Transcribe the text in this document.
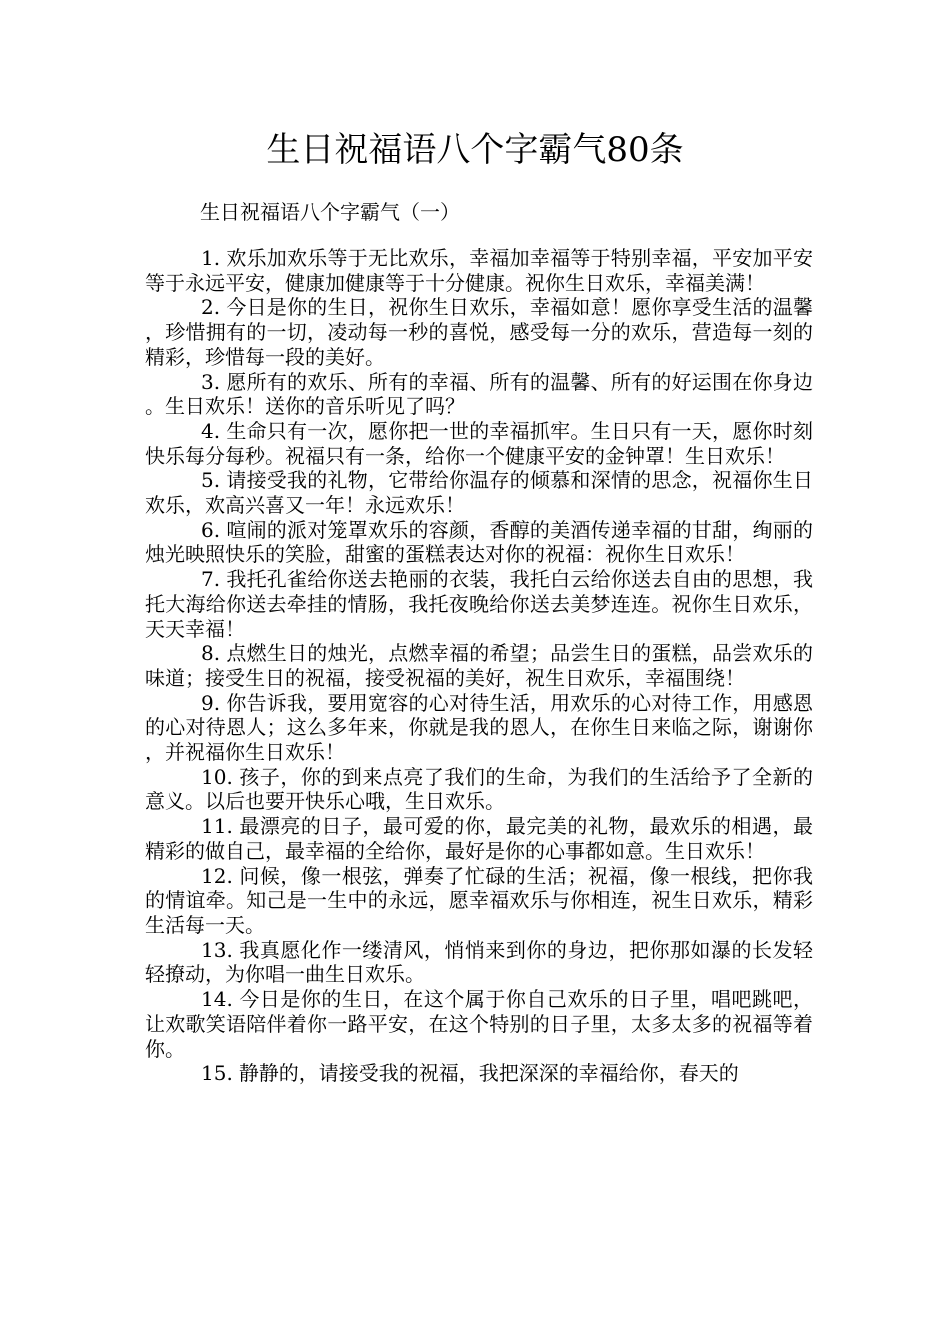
生日祝福语八个字霸气80条
生日祝福语八个字霸气（一）

1. 欢乐加欢乐等于无比欢乐，幸福加幸福等于特别幸福，平安加平安等于永远平安，健康加健康等于十分健康。祝你生日欢乐，幸福美满！

2. 今日是你的生日，祝你生日欢乐，幸福如意！愿你享受生活的温馨，珍惜拥有的一切，凌动每一秒的喜悦，感受每一分的欢乐，营造每一刻的精彩，珍惜每一段的美好。

3. 愿所有的欢乐、所有的幸福、所有的温馨、所有的好运围在你身边。生日欢乐！送你的音乐听见了吗？

4. 生命只有一次，愿你把一世的幸福抓牢。生日只有一天，愿你时刻快乐每分每秒。祝福只有一条，给你一个健康平安的金钟罩！生日欢乐！

5. 请接受我的礼物，它带给你温存的倾慕和深情的思念，祝福你生日欢乐，欢高兴喜又一年！永远欢乐！

6. 喧闹的派对笼罩欢乐的容颜，香醇的美酒传递幸福的甘甜，绚丽的烛光映照快乐的笑脸，甜蜜的蛋糕表达对你的祝福：祝你生日欢乐！

7. 我托孔雀给你送去艳丽的衣装，我托白云给你送去自由的思想，我托大海给你送去牵挂的情肠，我托夜晚给你送去美梦连连。祝你生日欢乐，天天幸福！

8. 点燃生日的烛光，点燃幸福的希望；品尝生日的蛋糕，品尝欢乐的味道；接受生日的祝福，接受祝福的美好，祝生日欢乐，幸福围绕！

9. 你告诉我，要用宽容的心对待生活，用欢乐的心对待工作，用感恩的心对待恩人；这么多年来，你就是我的恩人，在你生日来临之际，谢谢你，并祝福你生日欢乐！

10. 孩子，你的到来点亮了我们的生命，为我们的生活给予了全新的意义。以后也要开快乐心哦，生日欢乐。

11. 最漂亮的日子，最可爱的你，最完美的礼物，最欢乐的相遇，最精彩的做自己，最幸福的全给你，最好是你的心事都如意。生日欢乐！

12. 问候，像一根弦，弹奏了忙碌的生活；祝福，像一根线，把你我的情谊牵。知己是一生中的永远，愿幸福欢乐与你相连，祝生日欢乐，精彩生活每一天。

13. 我真愿化作一缕清风，悄悄来到你的身边，把你那如瀑的长发轻轻撩动，为你唱一曲生日欢乐。

14. 今日是你的生日，在这个属于你自己欢乐的日子里，唱吧跳吧，让欢歌笑语陪伴着你一路平安，在这个特别的日子里，太多太多的祝福等着你。

15. 静静的，请接受我的祝福，我把深深的幸福给你，春天的
